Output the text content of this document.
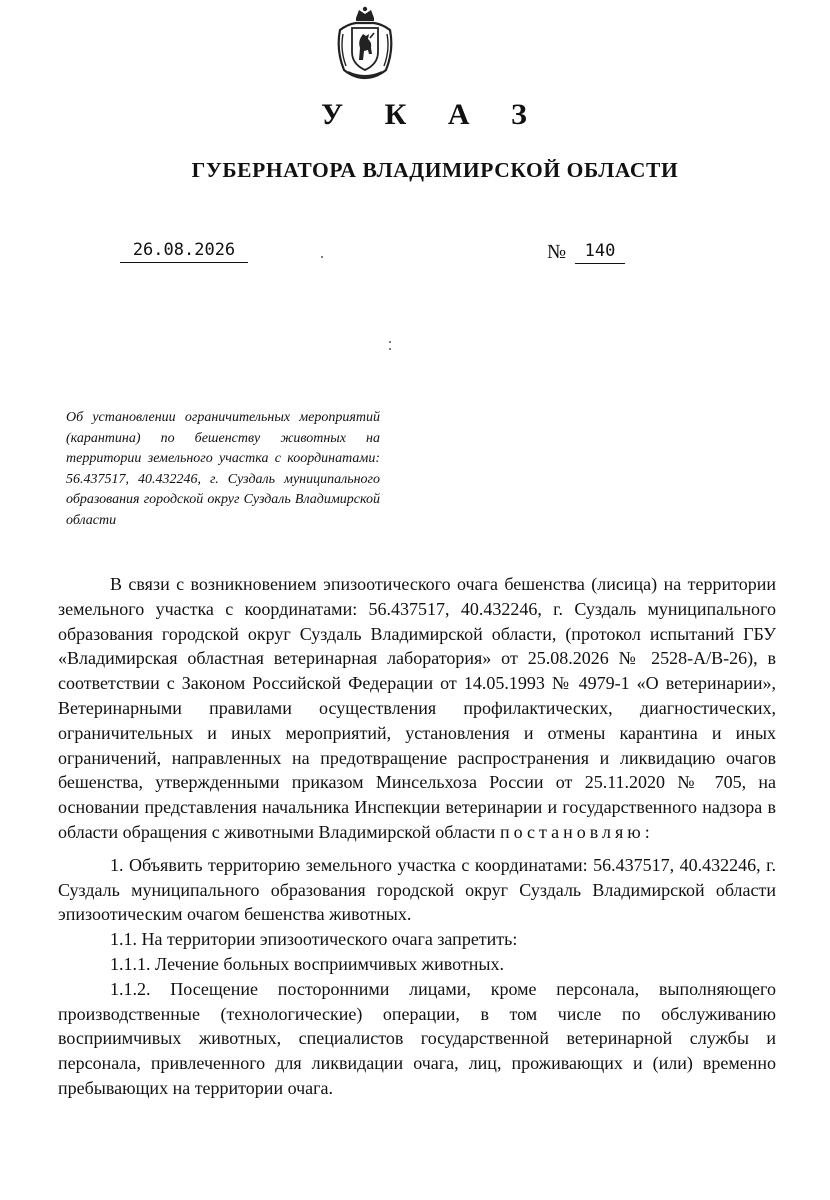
У К А З
ГУБЕРНАТОРА ВЛАДИМИРСКОЙ ОБЛАСТИ
26.08.2026	№	140
Об установлении ограничительных мероприятий (карантина) по бешенству животных на территории земельного участка с координатами: 56.437517, 40.432246, г. Суздаль муниципального образования городской округ Суздаль Владимирской области

В связи с возникновением эпизоотического очага бешенства (лисица) на территории земельного участка с координатами: 56.437517, 40.432246, г. Суздаль муниципального образования городской округ Суздаль Владимирской области, (протокол испытаний ГБУ «Владимирская областная ветеринарная лаборатория» от 25.08.2026 № 2528-А/В-26), в соответствии с Законом Российской Федерации от 14.05.1993 № 4979-1 «О ветеринарии», Ветеринарными правилами осуществления профилактических, диагностических, ограничительных и иных мероприятий, установления и отмены карантина и иных ограничений, направленных на предотвращение распространения и ликвидацию очагов бешенства, утвержденными приказом Минсельхоза России от 25.11.2020 № 705, на основании представления начальника Инспекции ветеринарии и государственного надзора в области обращения с животными Владимирской области постановляю:

1. Объявить территорию земельного участка с координатами: 56.437517, 40.432246, г. Суздаль муниципального образования городской округ Суздаль Владимирской области эпизоотическим очагом бешенства животных.

1.1. На территории эпизоотического очага запретить:

1.1.1. Лечение больных восприимчивых животных.

1.1.2. Посещение посторонними лицами, кроме персонала, выполняющего производственные (технологические) операции, в том числе по обслуживанию восприимчивых животных, специалистов государственной ветеринарной службы и персонала, привлеченного для ликвидации очага, лиц, проживающих и (или) временно пребывающих на территории очага.
